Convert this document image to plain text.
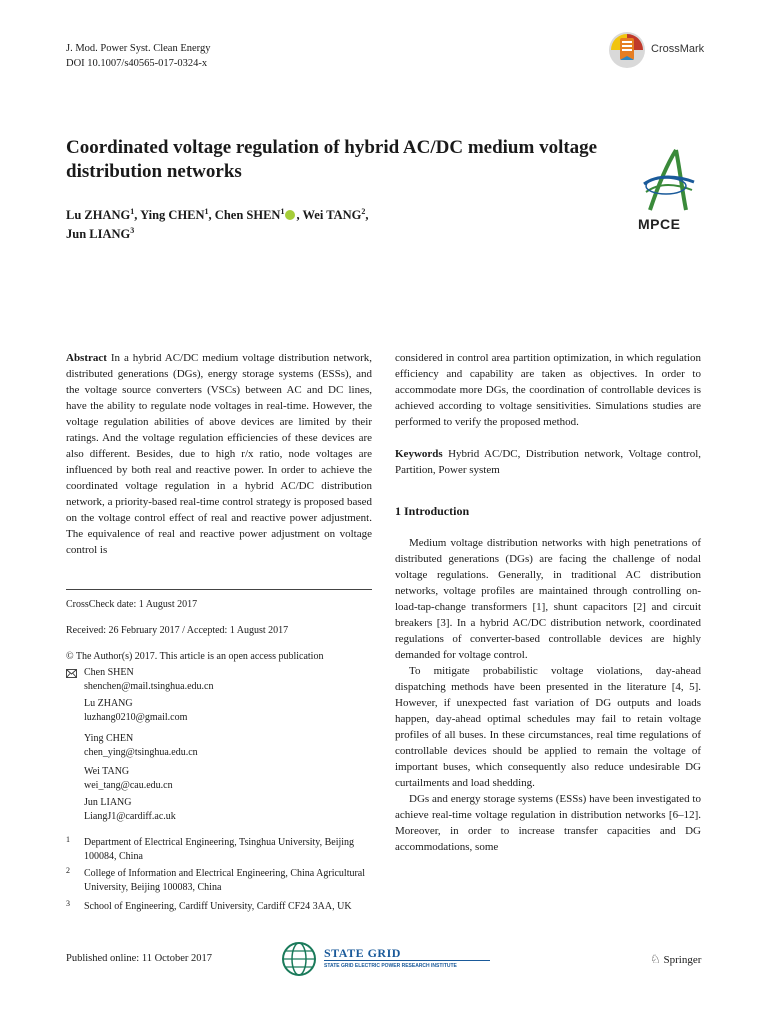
J. Mod. Power Syst. Clean Energy
DOI 10.1007/s40565-017-0324-x
CrossMark
Coordinated voltage regulation of hybrid AC/DC medium voltage distribution networks
Lu ZHANG$^1$, Ying CHEN$^1$, Chen SHEN$^1$ , Wei TANG$^2$,
Jun LIANG$^3$	MPCE

Abstract In a hybrid AC/DC medium voltage distribution network, distributed generations (DGs), energy storage systems (ESSs), and the voltage source converters (VSCs) between AC and DC lines, have the ability to regulate node voltages in real-time. However, the voltage regulation abilities of above devices are limited by their ratings. And the voltage regulation efficiencies of these devices are also different. Besides, due to high r/x ratio, node voltages are influenced by both real and reactive power. In order to achieve the coordinated voltage regulation in a hybrid AC/DC distribution network, a priority-based real-time control strategy is proposed based on the voltage control effect of real and reactive power adjustment. The equivalence of real and reactive power adjustment on voltage control is

CrossCheck date: 1 August 2017
Received: 26 February 2017 / Accepted: 1 August 2017
© The Author(s) 2017. This article is an open access publication
Chen SHEN
shenchen@mail.tsinghua.edu.cn
Lu ZHANG
luzhang0210@gmail.com
Ying CHEN
chen_ying@tsinghua.edu.cn
Wei TANG
wei_tang@cau.edu.cn
Jun LIANG
LiangJ1@cardiff.ac.uk
1 Department of Electrical Engineering, Tsinghua University, Beijing 100084, China
2 College of Information and Electrical Engineering, China Agricultural University, Beijing 100083, China
3 School of Engineering, Cardiff University, Cardiff CF24 3AA, UK

considered in control area partition optimization, in which regulation efficiency and capability are taken as objectives. In order to accommodate more DGs, the coordination of controllable devices is achieved according to voltage sensitivities. Simulations studies are performed to verify the proposed method.

Keywords Hybrid AC/DC, Distribution network, Voltage control, Partition, Power system

1 Introduction

Medium voltage distribution networks with high penetrations of distributed generations (DGs) are facing the challenge of nodal voltage regulations. Generally, in traditional AC distribution networks, voltage profiles are maintained through controlling on-load-tap-change transformers [1], shunt capacitors [2] and circuit breakers [3]. In a hybrid AC/DC distribution network, coordinated regulations of converter-based controllable devices are highly demanded for voltage control.

To mitigate probabilistic voltage violations, day-ahead dispatching methods have been presented in the literature [4, 5]. However, if unexpected fast variation of DG outputs and loads happen, day-ahead optimal schedules may fail to retain voltage profiles of all buses. In these circumstances, real time regulations of controllable devices should be applied to remain the voltage of important buses, which consequently also reduce undesirable DG curtailments and load shedding.

DGs and energy storage systems (ESSs) have been investigated to achieve real-time voltage regulation in distribution networks [6–12]. Moreover, in order to increase transfer capacities and DG accommodations, some

Published online: 11 October 2017	STATE GRID
STATE GRID ELECTRIC POWER RESEARCH INSTITUTE	♘ Springer
